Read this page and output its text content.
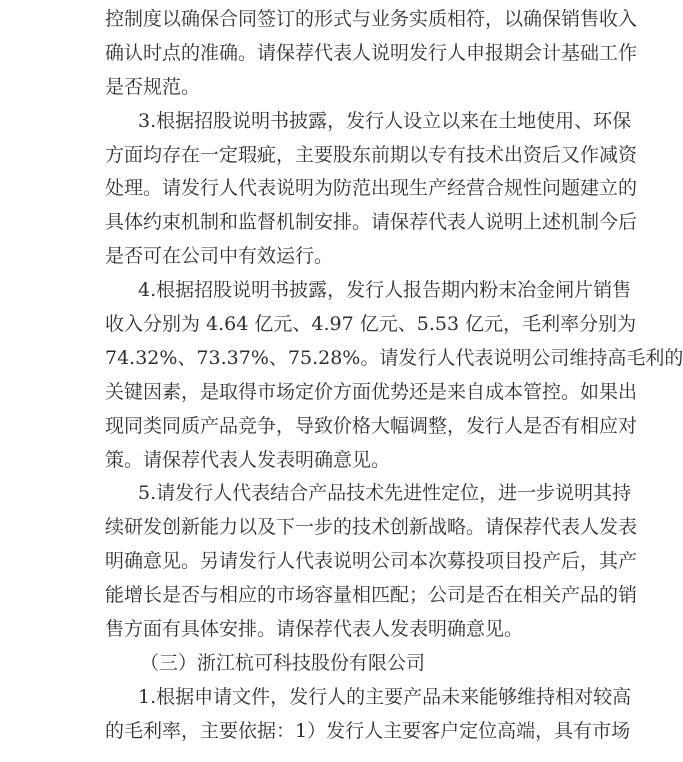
控制度以确保合同签订的形式与业务实质相符，以确保销售收入
确认时点的准确。请保荐代表人说明发行人申报期会计基础工作
是否规范。
3.根据招股说明书披露，发行人设立以来在土地使用、环保
方面均存在一定瑕疵，主要股东前期以专有技术出资后又作减资
处理。请发行人代表说明为防范出现生产经营合规性问题建立的
具体约束机制和监督机制安排。请保荐代表人说明上述机制今后
是否可在公司中有效运行。
4.根据招股说明书披露，发行人报告期内粉末冶金闸片销售
收入分别为 4.64 亿元、4.97 亿元、5.53 亿元，毛利率分别为
74.32%、73.37%、75.28%。请发行人代表说明公司维持高毛利的
关键因素，是取得市场定价方面优势还是来自成本管控。如果出
现同类同质产品竞争，导致价格大幅调整，发行人是否有相应对
策。请保荐代表人发表明确意见。
5.请发行人代表结合产品技术先进性定位，进一步说明其持
续研发创新能力以及下一步的技术创新战略。请保荐代表人发表
明确意见。另请发行人代表说明公司本次募投项目投产后，其产
能增长是否与相应的市场容量相匹配；公司是否在相关产品的销
售方面有具体安排。请保荐代表人发表明确意见。
（三）浙江杭可科技股份有限公司
1.根据申请文件，发行人的主要产品未来能够维持相对较高
的毛利率，主要依据：1）发行人主要客户定位高端，具有市场
